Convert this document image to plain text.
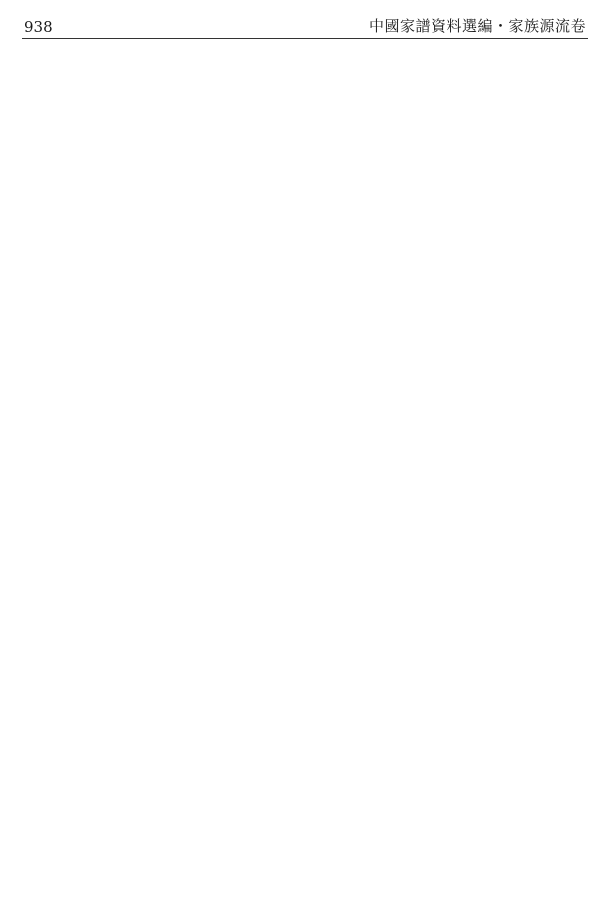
938	中國家譜資料選編・家族源流卷
